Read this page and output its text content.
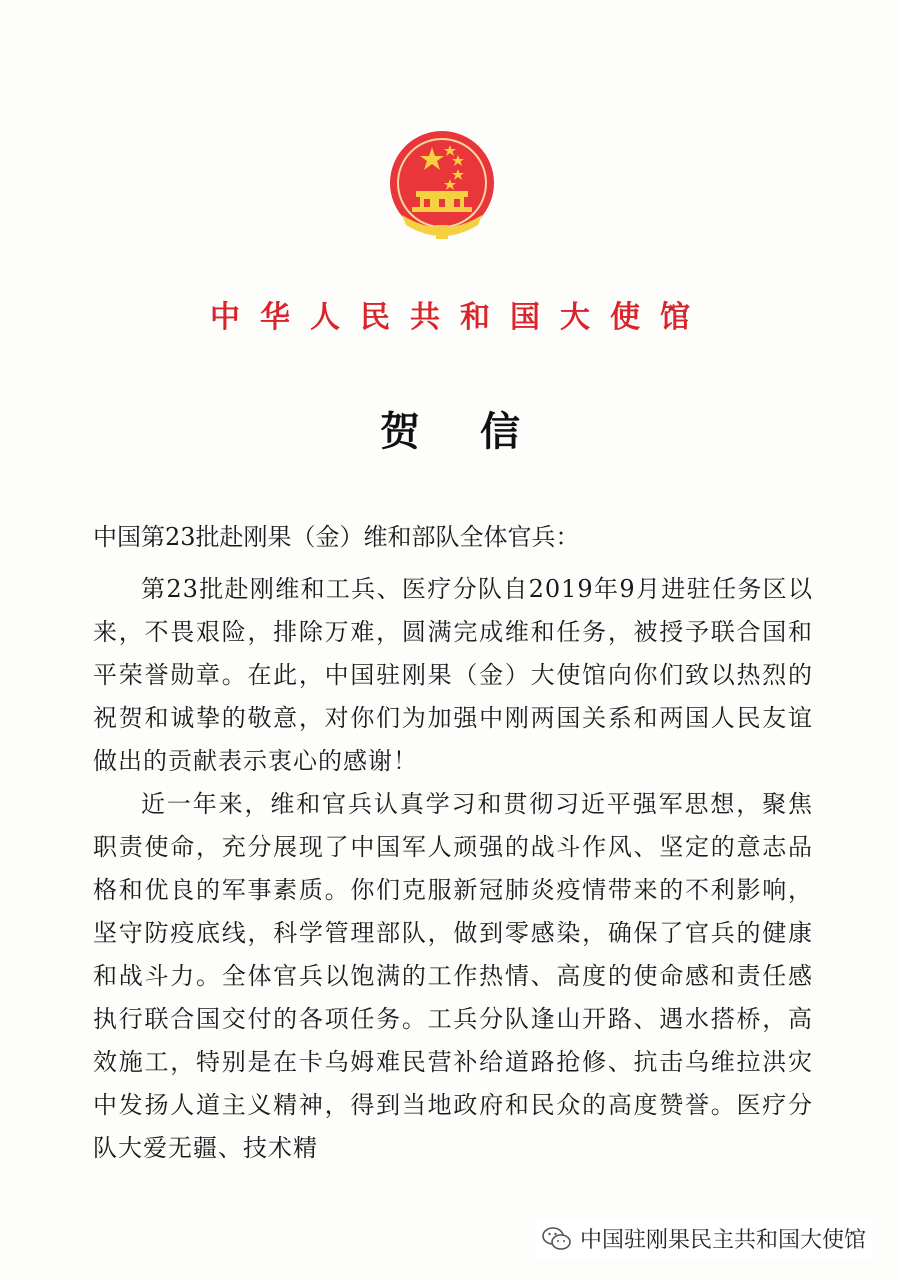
中华人民共和国大使馆
贺信
中国第23批赴刚果（金）维和部队全体官兵：

第23批赴刚维和工兵、医疗分队自2019年9月进驻任务区以来，不畏艰险，排除万难，圆满完成维和任务，被授予联合国和平荣誉勋章。在此，中国驻刚果（金）大使馆向你们致以热烈的祝贺和诚挚的敬意，对你们为加强中刚两国关系和两国人民友谊做出的贡献表示衷心的感谢！

近一年来，维和官兵认真学习和贯彻习近平强军思想，聚焦职责使命，充分展现了中国军人顽强的战斗作风、坚定的意志品格和优良的军事素质。你们克服新冠肺炎疫情带来的不利影响，坚守防疫底线，科学管理部队，做到零感染，确保了官兵的健康和战斗力。全体官兵以饱满的工作热情、高度的使命感和责任感执行联合国交付的各项任务。工兵分队逢山开路、遇水搭桥，高效施工，特别是在卡乌姆难民营补给道路抢修、抗击乌维拉洪灾中发扬人道主义精神，得到当地政府和民众的高度赞誉。医疗分队大爱无疆、技术精

中国驻刚果民主共和国大使馆
